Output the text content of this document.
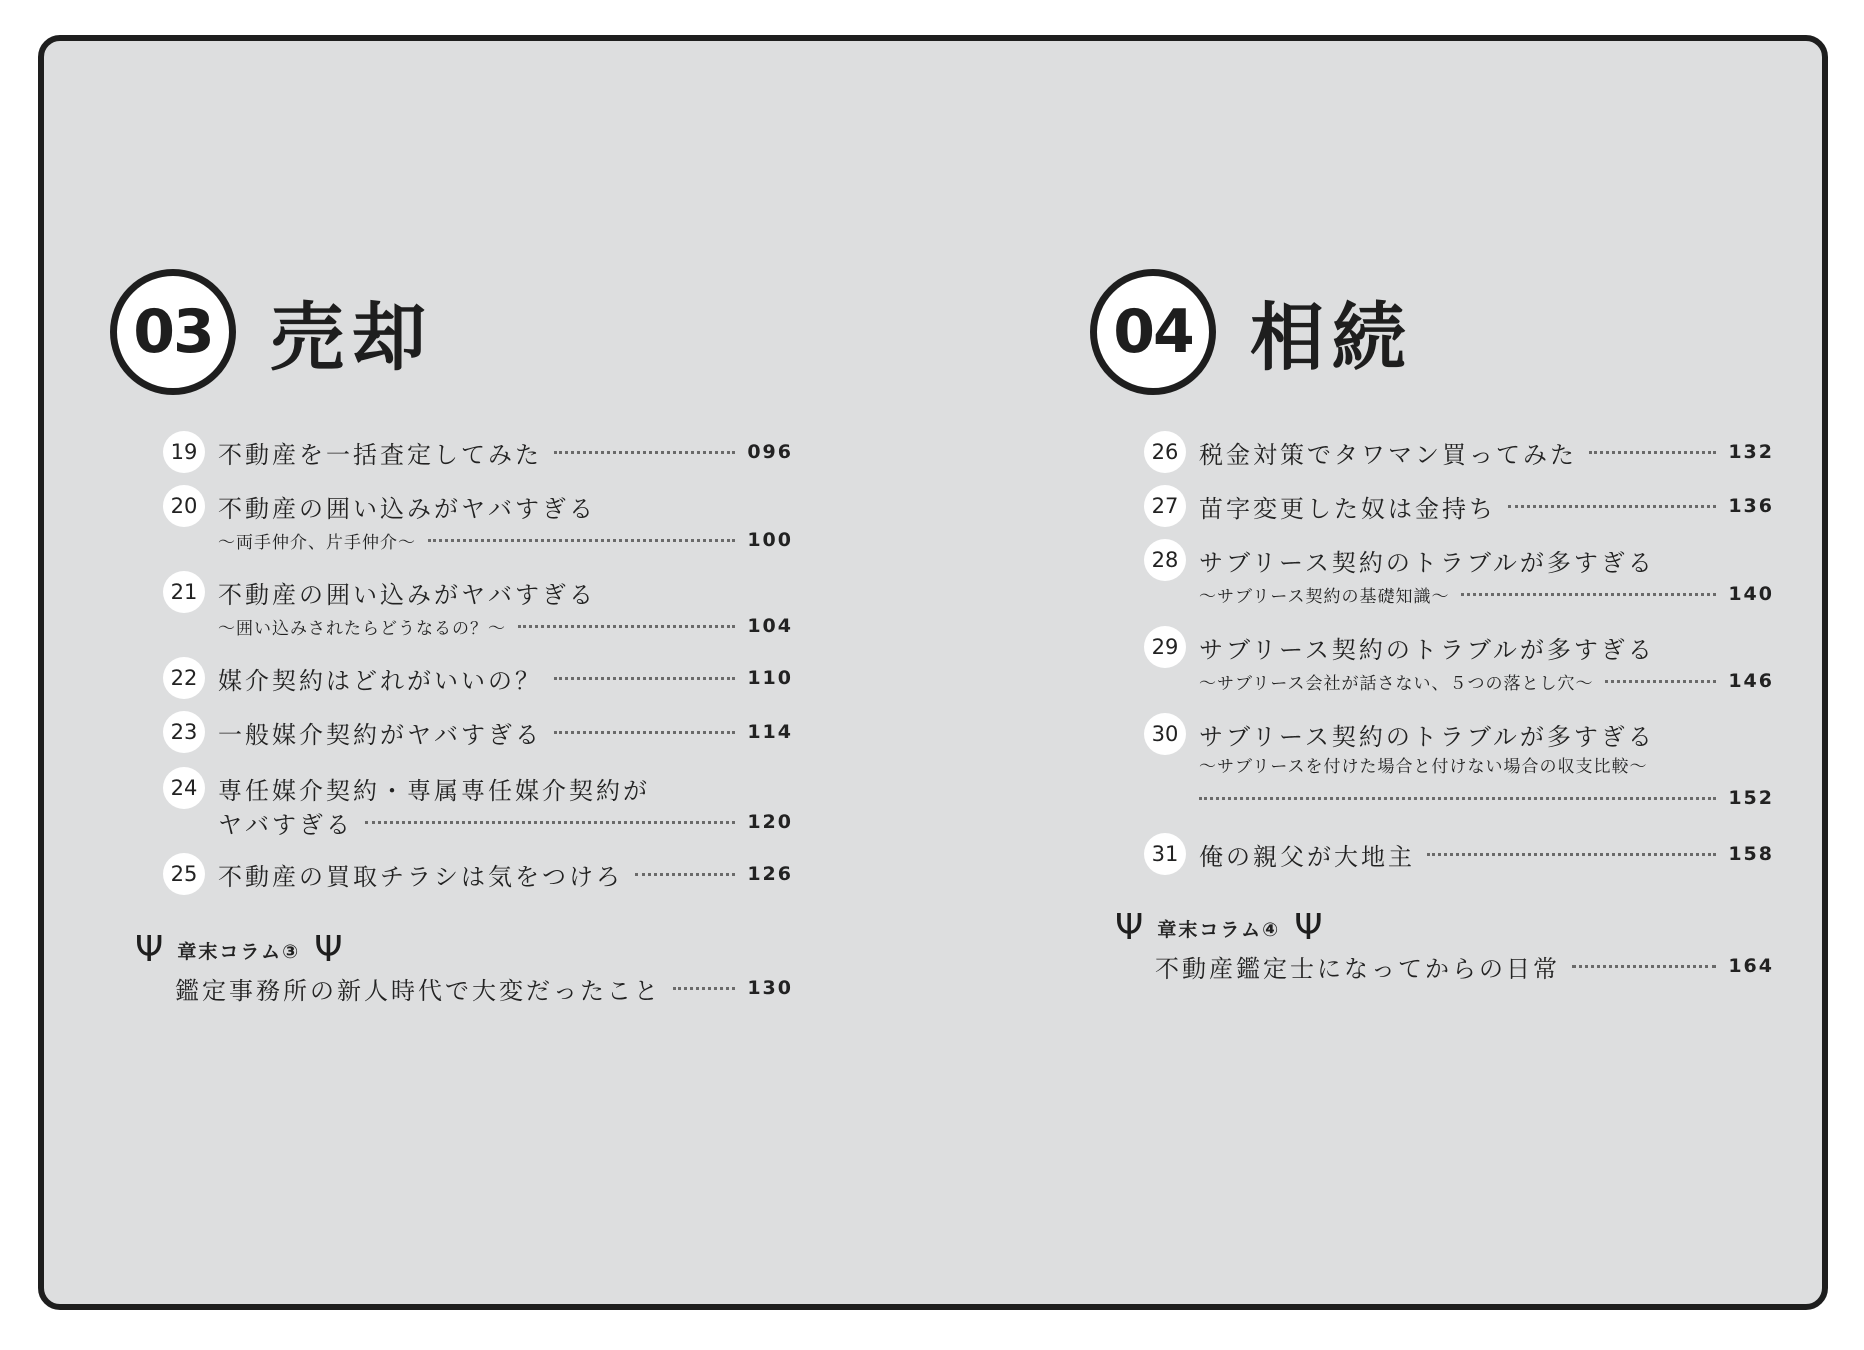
03 売却
19 不動産を一括査定してみた	096
20 不動産の囲い込みがヤバすぎる
〜両手仲介、片手仲介〜	100
21 不動産の囲い込みがヤバすぎる
〜囲い込みされたらどうなるの？〜	104
22 媒介契約はどれがいいの？	110
23 一般媒介契約がヤバすぎる	114
24 専任媒介契約・専属専任媒介契約が
ヤバすぎる	120
25 不動産の買取チラシは気をつけろ	126
Ψ 章末コラム③ Ψ
鑑定事務所の新人時代で大変だったこと	130
04 相続
26 税金対策でタワマン買ってみた	132
27 苗字変更した奴は金持ち	136
28 サブリース契約のトラブルが多すぎる
〜サブリース契約の基礎知識〜	140
29 サブリース契約のトラブルが多すぎる
〜サブリース会社が話さない、５つの落とし穴〜	146
30 サブリース契約のトラブルが多すぎる
〜サブリースを付けた場合と付けない場合の収支比較〜
152
31 俺の親父が大地主	158
Ψ 章末コラム④ Ψ
不動産鑑定士になってからの日常	164
